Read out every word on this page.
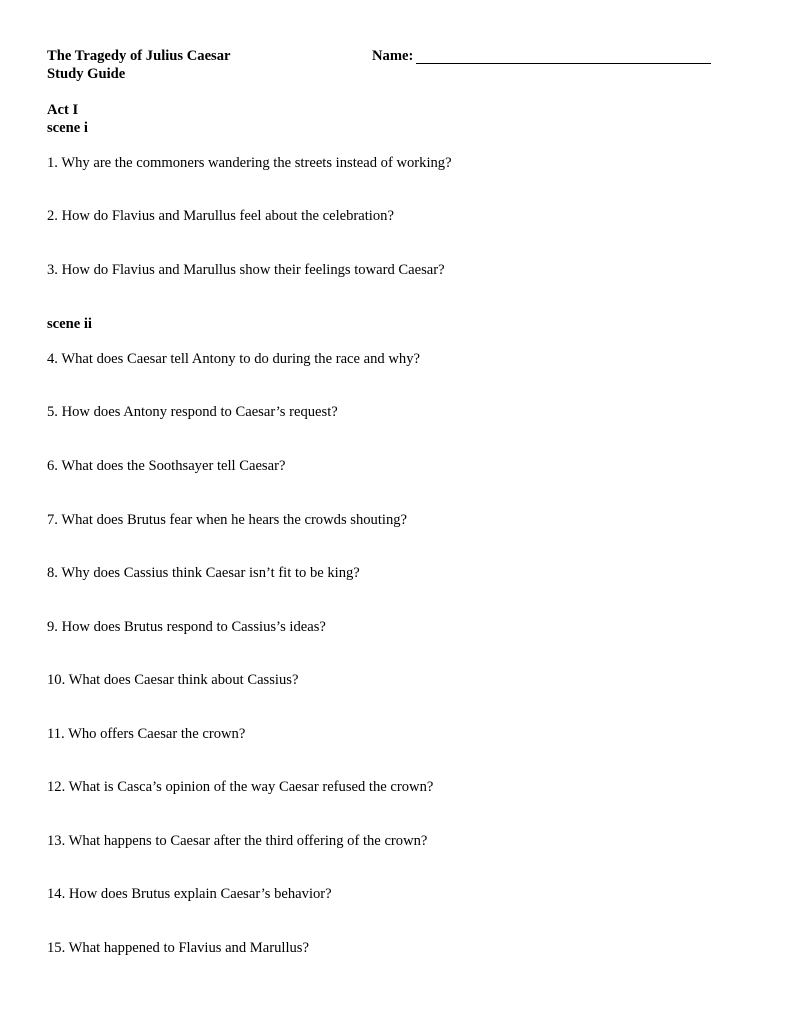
The Tragedy of Julius Caesar	Name:
Study Guide
Act I
scene i
1. Why are the commoners wandering the streets instead of working?
2. How do Flavius and Marullus feel about the celebration?
3. How do Flavius and Marullus show their feelings toward Caesar?
scene ii
4. What does Caesar tell Antony to do during the race and why?
5. How does Antony respond to Caesar’s request?
6. What does the Soothsayer tell Caesar?
7. What does Brutus fear when he hears the crowds shouting?
8. Why does Cassius think Caesar isn’t fit to be king?
9. How does Brutus respond to Cassius’s ideas?
10. What does Caesar think about Cassius?
11. Who offers Caesar the crown?
12. What is Casca’s opinion of the way Caesar refused the crown?
13. What happens to Caesar after the third offering of the crown?
14. How does Brutus explain Caesar’s behavior?
15. What happened to Flavius and Marullus?
